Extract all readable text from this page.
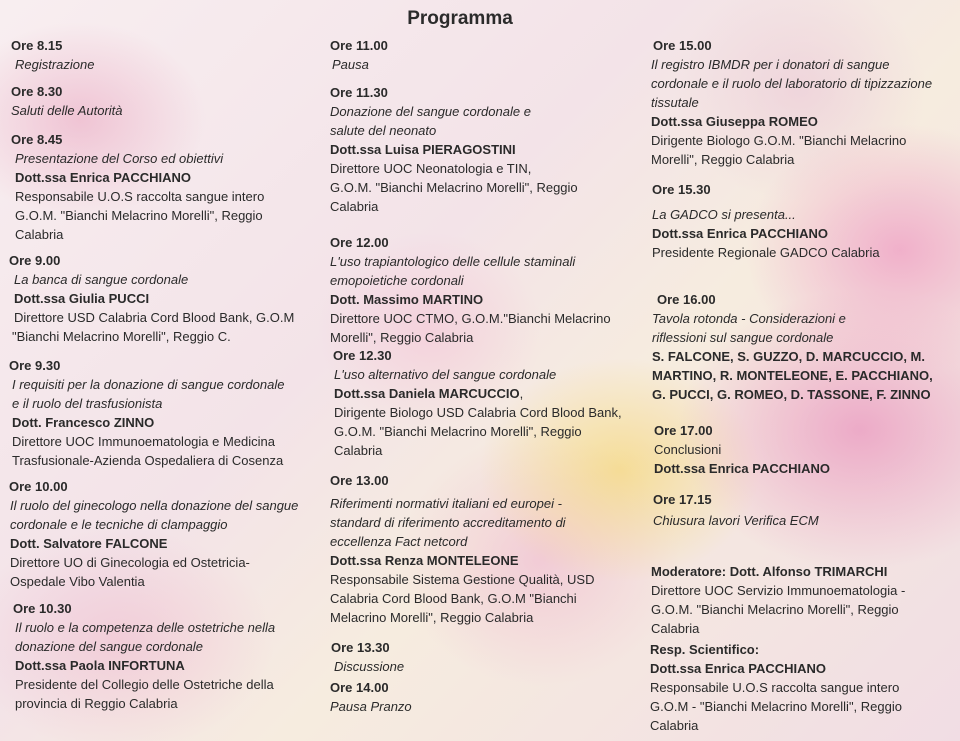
Programma
Ore 8.15
Registrazione
Ore 8.30
Saluti delle Autorità
Ore 8.45
Presentazione del Corso ed obiettivi
Dott.ssa Enrica PACCHIANO
Responsabile U.O.S raccolta sangue intero
G.O.M. "Bianchi Melacrino Morelli", Reggio
Calabria
Ore 9.00
La banca di sangue cordonale
Dott.ssa Giulia PUCCI
Direttore USD Calabria Cord Blood Bank, G.O.M
"Bianchi Melacrino Morelli", Reggio C.
Ore 9.30
I requisiti per la donazione di sangue cordonale
e il ruolo del trasfusionista
Dott. Francesco ZINNO
Direttore UOC Immunoematologia e Medicina
Trasfusionale-Azienda Ospedaliera di Cosenza
Ore 10.00
Il ruolo del ginecologo nella donazione del sangue
cordonale e le tecniche di clampaggio
Dott. Salvatore FALCONE
Direttore UO di Ginecologia ed Ostetricia-
Ospedale Vibo Valentia
Ore 10.30
Il ruolo e la competenza delle ostetriche nella
donazione del sangue cordonale
Dott.ssa Paola INFORTUNA
Presidente del Collegio delle Ostetriche della
provincia di Reggio Calabria
Ore 11.00
Pausa
Ore 11.30
Donazione del sangue cordonale e
salute del neonato
Dott.ssa Luisa PIERAGOSTINI
Direttore UOC Neonatologia e TIN,
G.O.M. "Bianchi Melacrino Morelli", Reggio
Calabria
Ore 12.00
L'uso trapiantologico delle cellule staminali
emopoietiche cordonali
Dott. Massimo MARTINO
Direttore UOC CTMO, G.O.M."Bianchi Melacrino
Morelli", Reggio Calabria
Ore 12.30
L'uso alternativo del sangue cordonale
Dott.ssa Daniela MARCUCCIO,
Dirigente Biologo USD Calabria Cord Blood Bank,
G.O.M. "Bianchi Melacrino Morelli", Reggio
Calabria
Ore 13.00
Riferimenti normativi italiani ed europei -
standard di riferimento accreditamento di
eccellenza Fact netcord
Dott.ssa Renza MONTELEONE
Responsabile Sistema Gestione Qualità, USD
Calabria Cord Blood Bank, G.O.M "Bianchi
Melacrino Morelli", Reggio Calabria
Ore 13.30
Discussione
Ore 14.00
Pausa Pranzo
Ore 15.00
Il registro IBMDR per i donatori di sangue
cordonale e il ruolo del laboratorio di tipizzazione
tissutale
Dott.ssa Giuseppa ROMEO
Dirigente Biologo G.O.M. "Bianchi Melacrino
Morelli", Reggio Calabria
Ore 15.30
La GADCO si presenta...
Dott.ssa Enrica PACCHIANO
Presidente Regionale GADCO Calabria
Ore 16.00
Tavola rotonda - Considerazioni e
riflessioni sul sangue cordonale
S. FALCONE, S. GUZZO, D. MARCUCCIO, M.
MARTINO, R. MONTELEONE, E. PACCHIANO,
G. PUCCI, G. ROMEO, D. TASSONE, F. ZINNO
Ore 17.00
Conclusioni
Dott.ssa Enrica PACCHIANO
Ore 17.15
Chiusura lavori Verifica ECM
Moderatore: Dott. Alfonso TRIMARCHI
Direttore UOC Servizio Immunoematologia -
G.O.M. "Bianchi Melacrino Morelli", Reggio
Calabria
Resp. Scientifico:
Dott.ssa Enrica PACCHIANO
Responsabile U.O.S raccolta sangue intero
G.O.M - "Bianchi Melacrino Morelli", Reggio
Calabria
